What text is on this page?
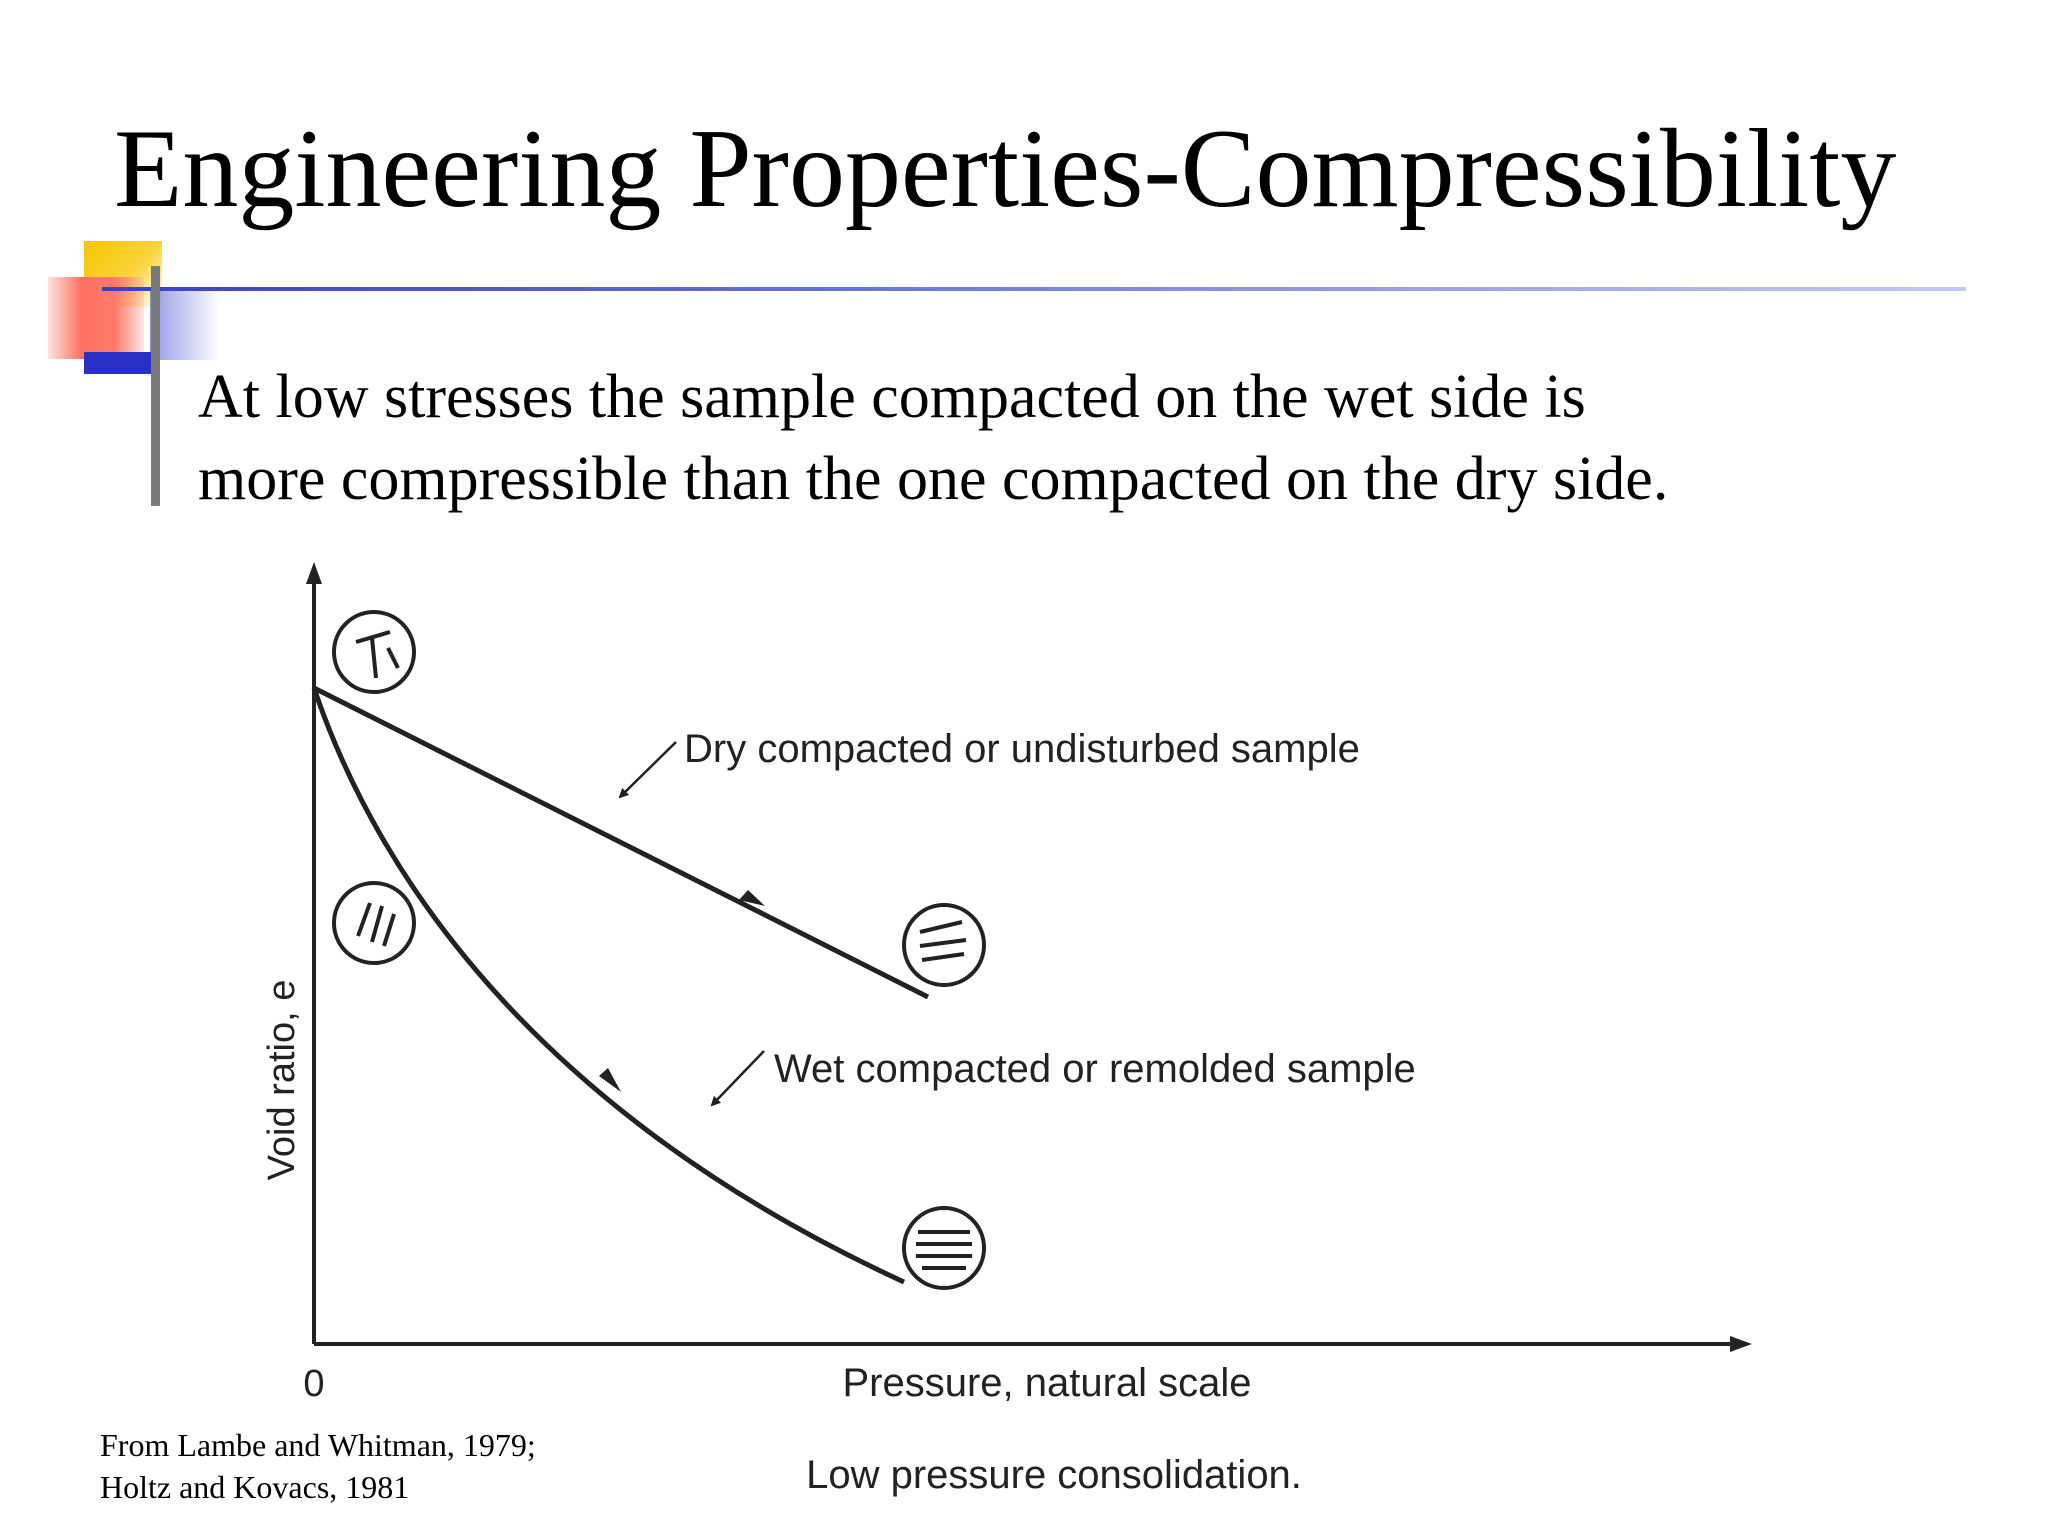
Engineering Properties-Compressibility
At low stresses the sample compacted on the wet side is
more compressible than the one compacted on the dry side.
Dry compacted or undisturbed sample
Wet compacted or remolded sample
Void ratio, e
0	Pressure, natural scale
Low pressure consolidation.
From Lambe and Whitman, 1979;
Holtz and Kovacs, 1981
